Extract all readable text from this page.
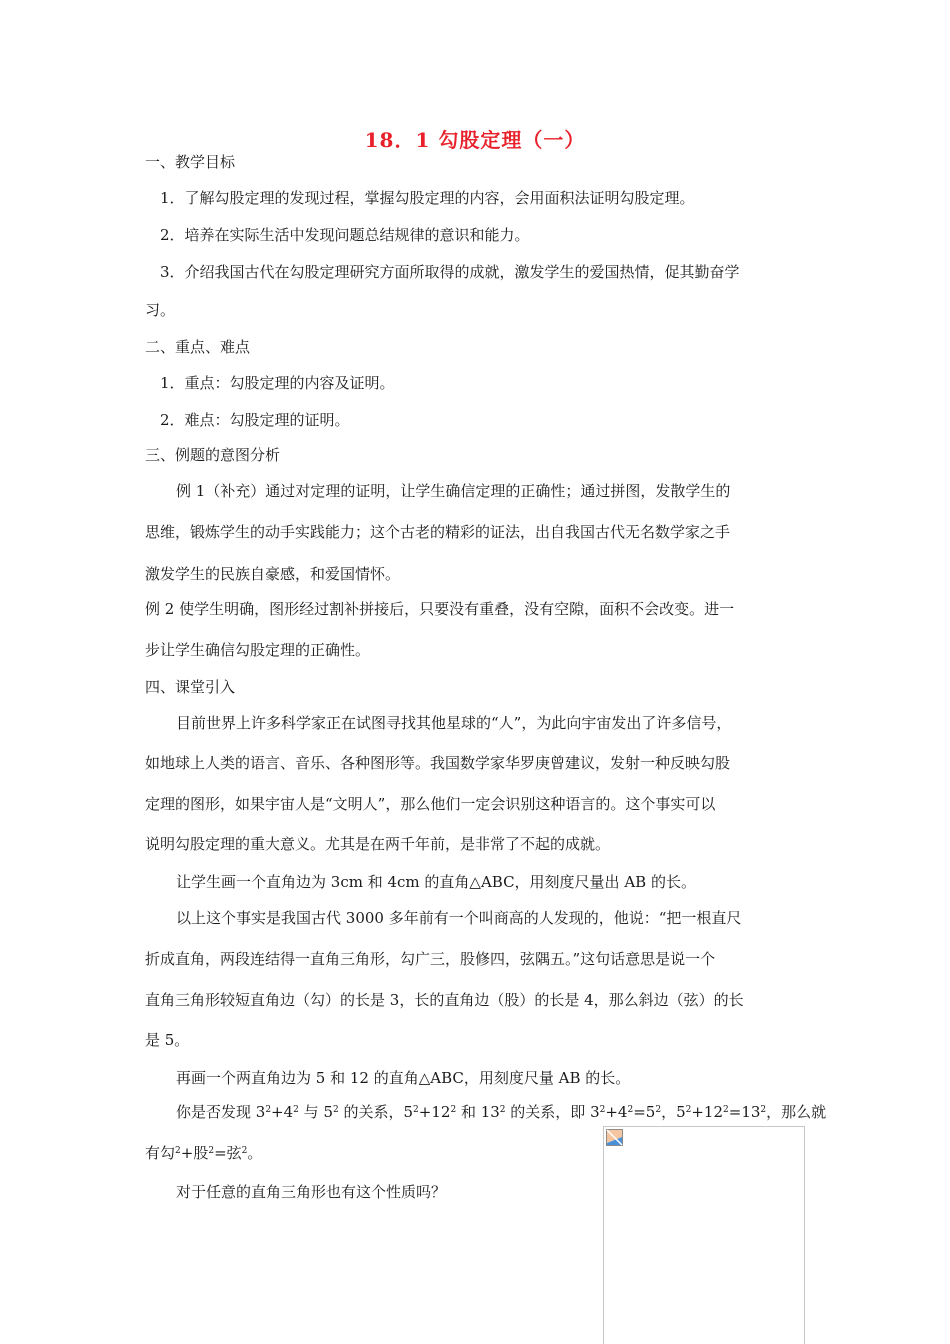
18．1 勾股定理（一）
一、教学目标
1．了解勾股定理的发现过程，掌握勾股定理的内容，会用面积法证明勾股定理。
2．培养在实际生活中发现问题总结规律的意识和能力。
3．介绍我国古代在勾股定理研究方面所取得的成就，激发学生的爱国热情，促其勤奋学
习。
二、重点、难点
1．重点：勾股定理的内容及证明。
2．难点：勾股定理的证明。
三、例题的意图分析
例 1（补充）通过对定理的证明，让学生确信定理的正确性；通过拼图，发散学生的
思维，锻炼学生的动手实践能力；这个古老的精彩的证法，出自我国古代无名数学家之手
激发学生的民族自豪感，和爱国情怀。
例 2 使学生明确，图形经过割补拼接后，只要没有重叠，没有空隙，面积不会改变。进一
步让学生确信勾股定理的正确性。
四、课堂引入
目前世界上许多科学家正在试图寻找其他星球的“人”，为此向宇宙发出了许多信号，
如地球上人类的语言、音乐、各种图形等。我国数学家华罗庚曾建议，发射一种反映勾股
定理的图形，如果宇宙人是“文明人”，那么他们一定会识别这种语言的。这个事实可以
说明勾股定理的重大意义。尤其是在两千年前，是非常了不起的成就。
让学生画一个直角边为 3cm 和 4cm 的直角△ABC，用刻度尺量出 AB 的长。
以上这个事实是我国古代 3000 多年前有一个叫商高的人发现的，他说：“把一根直尺
折成直角，两段连结得一直角三角形，勾广三，股修四，弦隅五。”这句话意思是说一个
直角三角形较短直角边（勾）的长是 3，长的直角边（股）的长是 4，那么斜边（弦）的长
是 5。
再画一个两直角边为 5 和 12 的直角△ABC，用刻度尺量 AB 的长。
你是否发现 $3^2+4^2$ 与 $5^2$ 的关系，$5^2+12^2$ 和 $13^2$ 的关系，即 $3^2+4^2=5^2$，$5^2+12^2=13^2$，那么就
有勾$^2$+股$^2$=弦$^2$。
对于任意的直角三角形也有这个性质吗？
